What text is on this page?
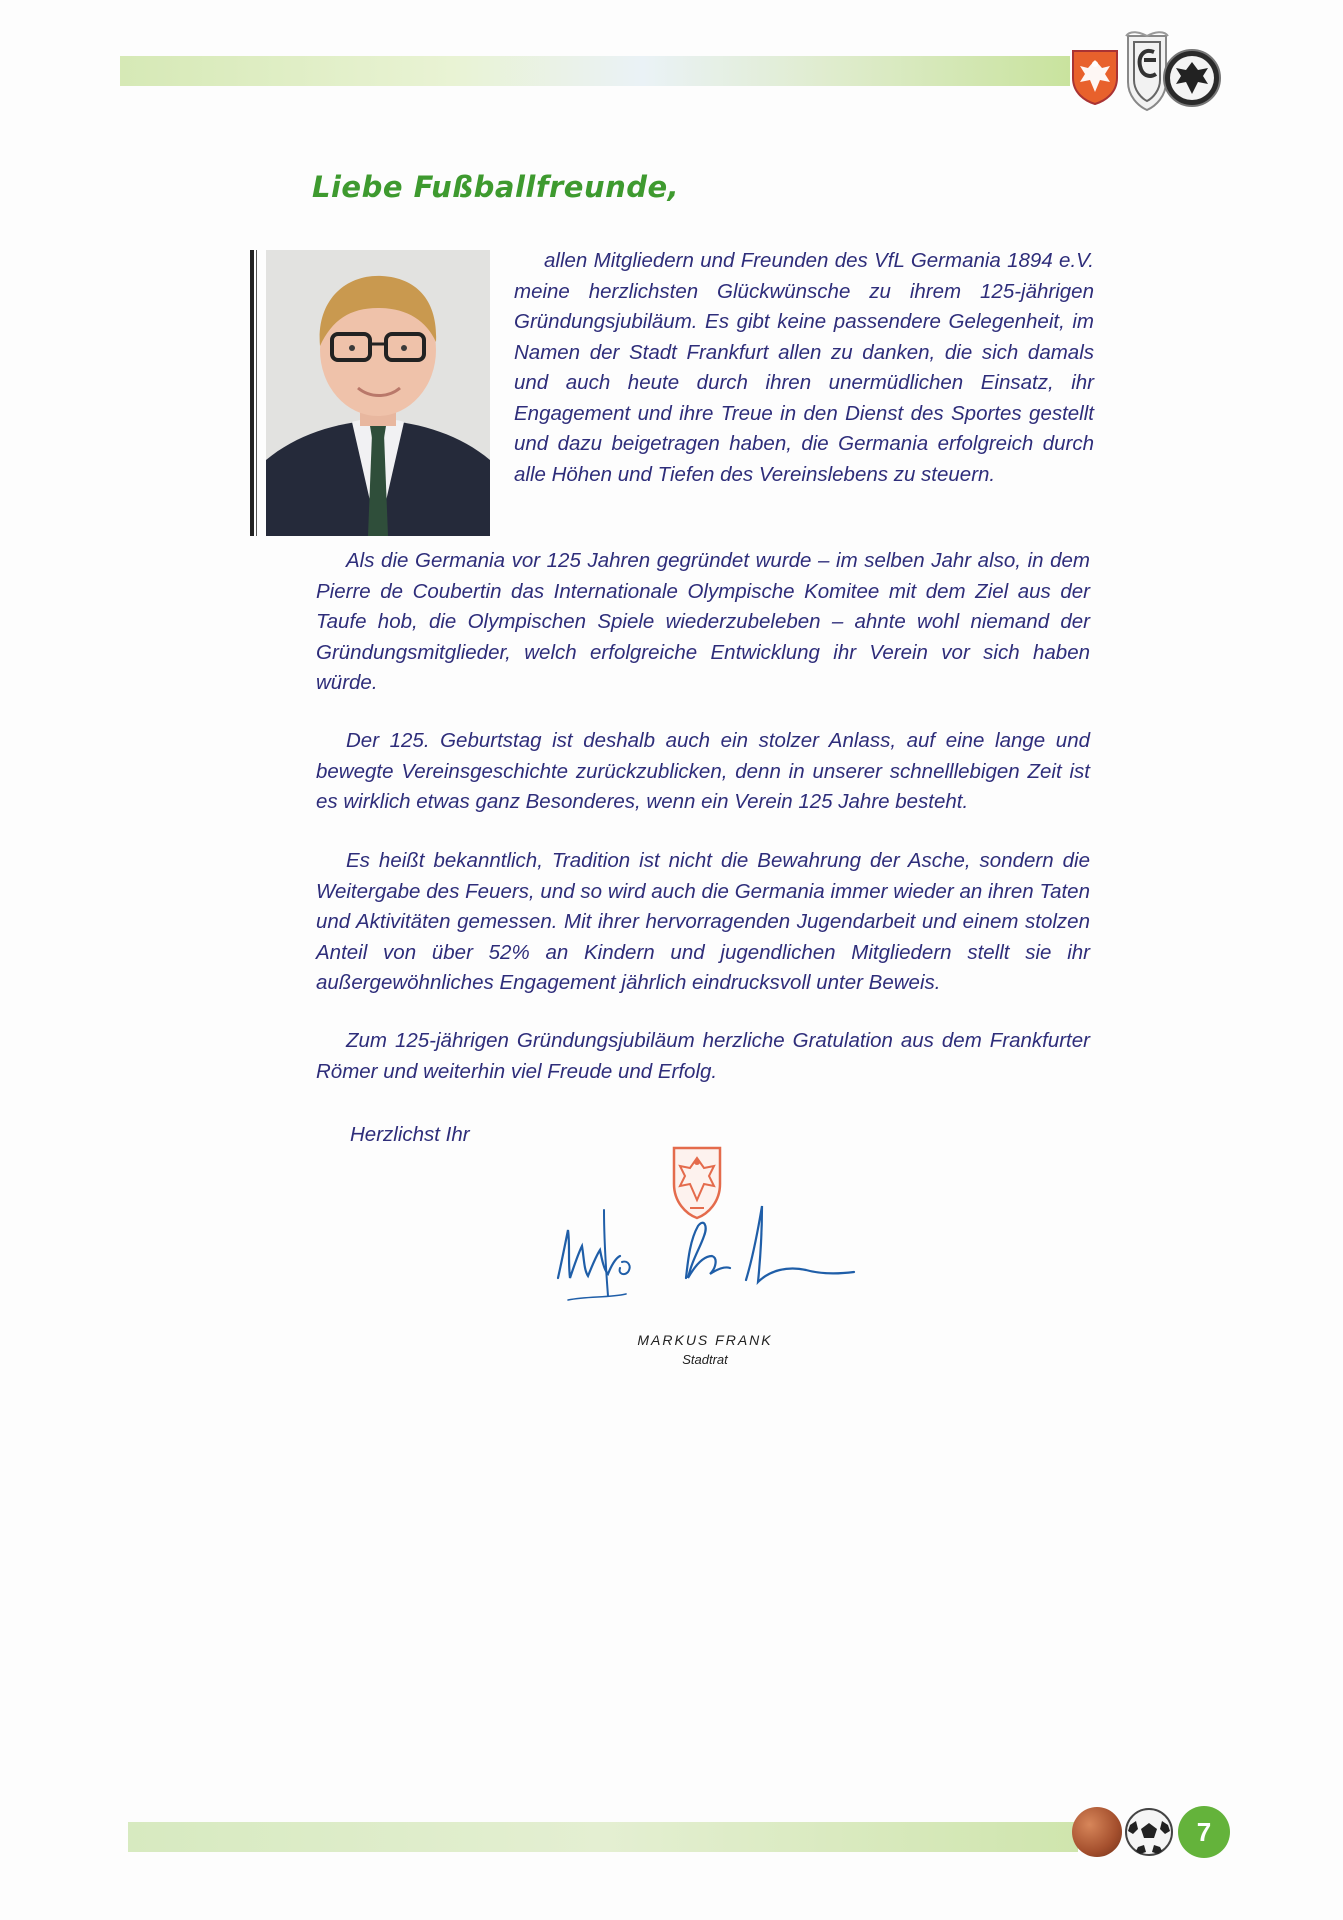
Liebe Fußballfreunde,

allen Mitgliedern und Freunden des VfL Germania 1894 e.V. meine herzlichsten Glückwünsche zu ihrem 125-jährigen Gründungsjubiläum. Es gibt keine passendere Gelegenheit, im Namen der Stadt Frankfurt allen zu danken, die sich damals und auch heute durch ihren unermüdlichen Einsatz, ihr Engagement und ihre Treue in den Dienst des Sportes gestellt und dazu beigetragen haben, die Germania erfolgreich durch alle Höhen und Tiefen des Vereinslebens zu steuern.

Als die Germania vor 125 Jahren gegründet wurde – im selben Jahr also, in dem Pierre de Coubertin das Internationale Olympische Komitee mit dem Ziel aus der Taufe hob, die Olympischen Spiele wiederzubeleben – ahnte wohl niemand der Gründungsmitglieder, welch erfolgreiche Entwicklung ihr Verein vor sich haben würde.

Der 125. Geburtstag ist deshalb auch ein stolzer Anlass, auf eine lange und bewegte Vereinsgeschichte zurückzublicken, denn in unserer schnelllebigen Zeit ist es wirklich etwas ganz Besonderes, wenn ein Verein 125 Jahre besteht.

Es heißt bekanntlich, Tradition ist nicht die Bewahrung der Asche, sondern die Weitergabe des Feuers, und so wird auch die Germania immer wieder an ihren Taten und Aktivitäten gemessen. Mit ihrer hervorragenden Jugendarbeit und einem stolzen Anteil von über 52% an Kindern und jugendlichen Mitgliedern stellt sie ihr außergewöhnliches Engagement jährlich eindrucksvoll unter Beweis.

Zum 125-jährigen Gründungsjubiläum herzliche Gratulation aus dem Frankfurter Römer und weiterhin viel Freude und Erfolg.

Herzlichst Ihr
MARKUS FRANK
Stadtrat
7
